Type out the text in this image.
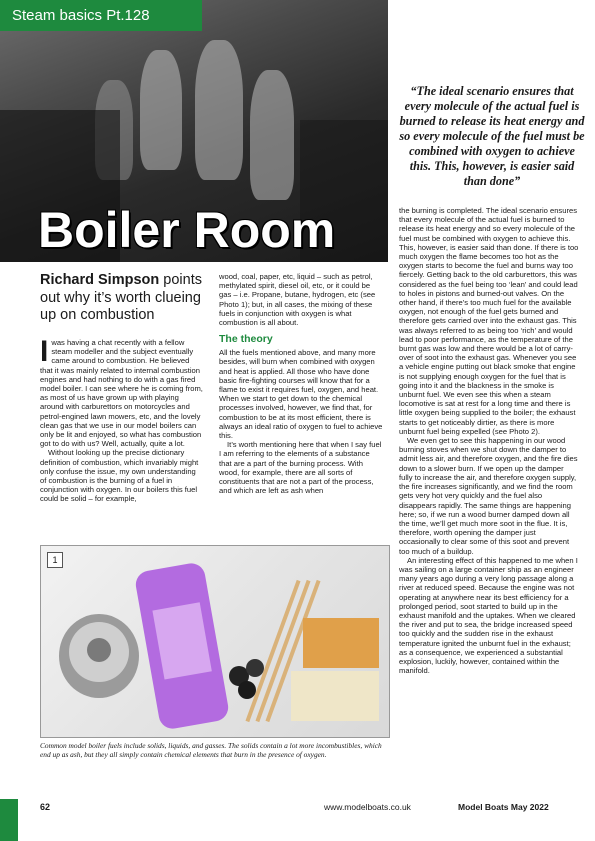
Steam basics Pt.128
Boiler Room
“The ideal scenario ensures that every molecule of the actual fuel is burned to release its heat energy and so every molecule of the fuel must be combined with oxygen to achieve this. This, however, is easier said than done”
Richard Simpson points out why it’s worth clueing up on combustion

Iwas having a chat recently with a fellow steam modeller and the subject eventually came around to combustion. He believed that it was mainly related to internal combustion engines and had nothing to do with a gas fired model boiler. I can see where he is coming from, as most of us have grown up with playing around with carburettors on motorcycles and petrol-engined lawn mowers, etc, and the lovely clean gas that we use in our model boilers can only be lit and enjoyed, so what has combustion got to do with us? Well, actually, quite a lot.

Without looking up the precise dictionary definition of combustion, which invariably might only confuse the issue, my own understanding of combustion is the burning of a fuel in conjunction with oxygen. In our boilers this fuel could be solid – for example,

wood, coal, paper, etc, liquid – such as petrol, methylated spirit, diesel oil, etc, or it could be gas – i.e. Propane, butane, hydrogen, etc (see Photo 1); but, in all cases, the mixing of these fuels in conjunction with oxygen is what combustion is all about.

The theory

All the fuels mentioned above, and many more besides, will burn when combined with oxygen and heat is applied. All those who have done basic fire-fighting courses will know that for a flame to exist it requires fuel, oxygen, and heat. When we start to get down to the chemical processes involved, however, we find that, for combustion to be at its most efficient, there is always an ideal ratio of oxygen to fuel to achieve this.

It’s worth mentioning here that when I say fuel I am referring to the elements of a substance that are a part of the burning process. With wood, for example, there are all sorts of constituents that are not a part of the process, and which are left as ash when

the burning is completed. The ideal scenario ensures that every molecule of the actual fuel is burned to release its heat energy and so every molecule of the fuel must be combined with oxygen to achieve this. This, however, is easier said than done. If there is too much oxygen the flame becomes too hot as the oxygen starts to become the fuel and burns way too fiercely. Getting back to the old carburettors, this was considered as the fuel being too ‘lean’ and could lead to holes in pistons and burned-out valves. On the other hand, if there’s too much fuel for the available oxygen, not enough of the fuel gets burned and therefore gets carried over into the exhaust gas. This was always referred to as being too ‘rich’ and would lead to poor performance, as the temperature of the burnt gas was low and there would be a lot of carry-over of soot into the exhaust gas. Whenever you see a vehicle engine putting out black smoke that engine is not supplying enough oxygen for the fuel that is going into it and the blackness in the smoke is unburnt fuel. We even see this when a steam locomotive is sat at rest for a long time and there is little oxygen being supplied to the boiler; the exhaust starts to get noticeably dirtier, as there is more unburnt fuel being expelled (see Photo 2).

We even get to see this happening in our wood burning stoves when we shut down the damper to admit less air, and therefore oxygen, and the fire dies down to a slower burn. If we open up the damper fully to increase the air, and therefore oxygen supply, the fire increases significantly, and we find the room gets very hot very quickly and the fuel also disappears rapidly. The same things are happening here; so, if we run a wood burner damped down all the time, we’ll get much more soot in the flue. It is, therefore, worth opening the damper just occasionally to clear some of this soot and prevent too much of a buildup.

An interesting effect of this happened to me when I was sailing on a large container ship as an engineer many years ago during a very long passage along a river at reduced speed. Because the engine was not operating at anywhere near its best efficiency for a prolonged period, soot started to build up in the exhaust manifold and the uptakes. When we cleared the river and put to sea, the bridge increased speed too quickly and the sudden rise in the exhaust temperature ignited the unburnt fuel in the exhaust; as a consequence, we experienced a substantial explosion, luckily, however, contained within the manifold.

1
Common model boiler fuels include solids, liquids, and gasses. The solids contain a lot more incombustibles, which end up as ash, but they all simply contain chemical elements that burn in the presence of oxygen.
62	www.modelboats.co.uk	Model Boats May 2022
